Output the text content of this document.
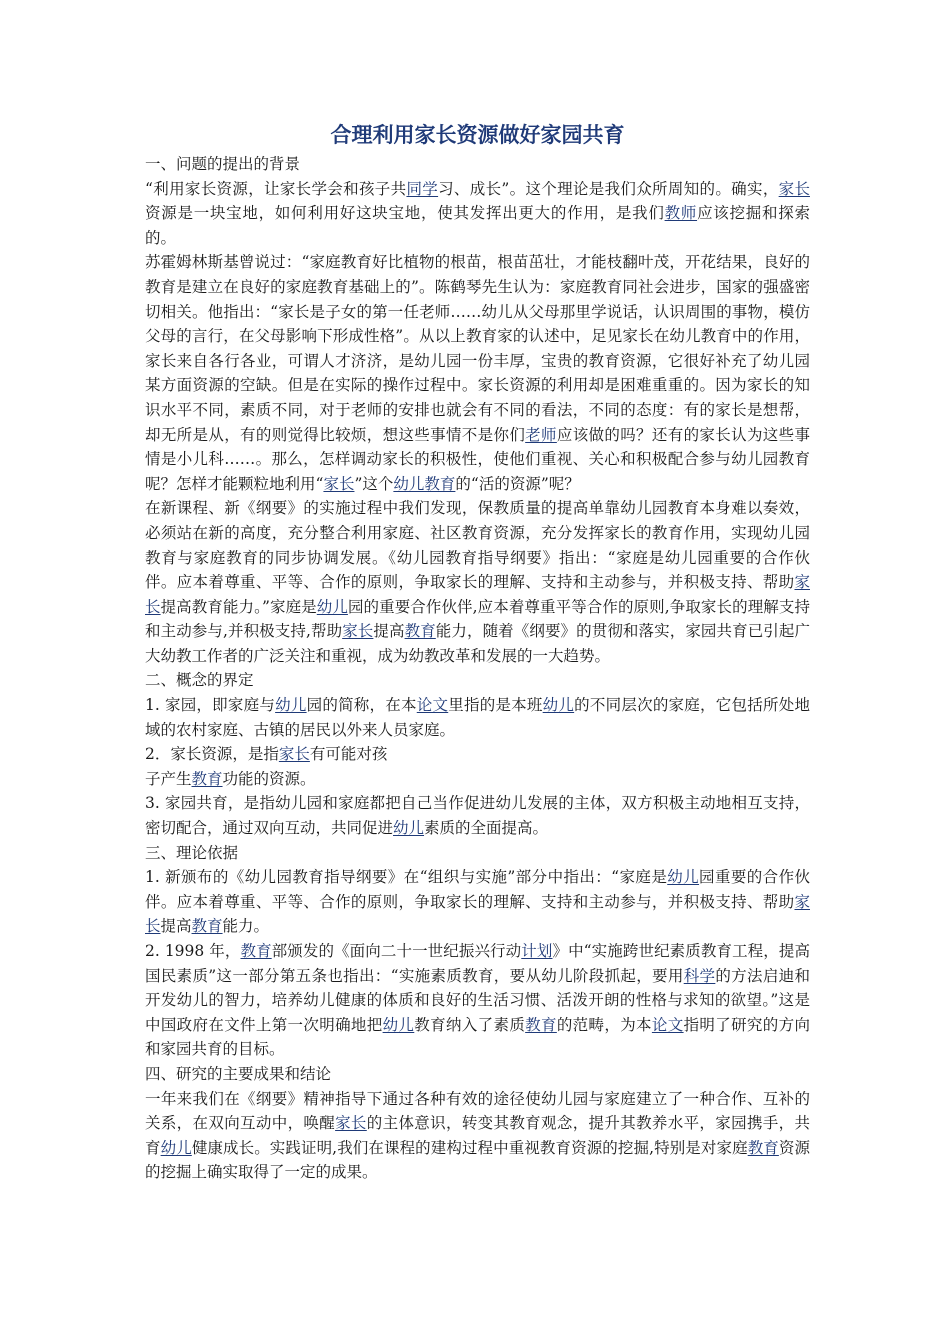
合理利用家长资源做好家园共育

一、问题的提出的背景

“利用家长资源，让家长学会和孩子共同学习、成长”。这个理论是我们众所周知的。确实，家长资源是一块宝地，如何利用好这块宝地，使其发挥出更大的作用，是我们教师应该挖掘和探索的。

苏霍姆林斯基曾说过：“家庭教育好比植物的根苗，根苗茁壮，才能枝翻叶茂，开花结果，良好的教育是建立在良好的家庭教育基础上的”。陈鹤琴先生认为：家庭教育同社会进步，国家的强盛密切相关。他指出：“家长是子女的第一任老师……幼儿从父母那里学说话，认识周围的事物，模仿父母的言行，在父母影响下形成性格”。从以上教育家的认述中，足见家长在幼儿教育中的作用，家长来自各行各业，可谓人才济济，是幼儿园一份丰厚，宝贵的教育资源，它很好补充了幼儿园某方面资源的空缺。但是在实际的操作过程中。家长资源的利用却是困难重重的。因为家长的知识水平不同，素质不同，对于老师的安排也就会有不同的看法，不同的态度：有的家长是想帮，却无所是从，有的则觉得比较烦，想这些事情不是你们老师应该做的吗？还有的家长认为这些事情是小儿科……。那么，怎样调动家长的积极性，使他们重视、关心和积极配合参与幼儿园教育呢？怎样才能颗粒地利用“家长”这个幼儿教育的“活的资源”呢？

在新课程、新《纲要》的实施过程中我们发现，保教质量的提高单靠幼儿园教育本身难以奏效，必须站在新的高度，充分整合利用家庭、社区教育资源，充分发挥家长的教育作用，实现幼儿园教育与家庭教育的同步协调发展。《幼儿园教育指导纲要》指出：“家庭是幼儿园重要的合作伙伴。应本着尊重、平等、合作的原则，争取家长的理解、支持和主动参与，并积极支持、帮助家长提高教育能力。”家庭是幼儿园的重要合作伙伴,应本着尊重平等合作的原则,争取家长的理解支持和主动参与,并积极支持,帮助家长提高教育能力，随着《纲要》的贯彻和落实，家园共育已引起广大幼教工作者的广泛关注和重视，成为幼教改革和发展的一大趋势。

二、概念的界定

1. 家园，即家庭与幼儿园的简称，在本论文里指的是本班幼儿的不同层次的家庭，它包括所处地域的农村家庭、古镇的居民以外来人员家庭。

2．家长资源，是指家长有可能对孩

子产生教育功能的资源。

3. 家园共育，是指幼儿园和家庭都把自己当作促进幼儿发展的主体，双方积极主动地相互支持，密切配合，通过双向互动，共同促进幼儿素质的全面提高。

三、理论依据

1. 新颁布的《幼儿园教育指导纲要》在“组织与实施”部分中指出：“家庭是幼儿园重要的合作伙伴。应本着尊重、平等、合作的原则，争取家长的理解、支持和主动参与，并积极支持、帮助家长提高教育能力。

2. 1998 年，教育部颁发的《面向二十一世纪振兴行动计划》中“实施跨世纪素质教育工程，提高国民素质”这一部分第五条也指出：“实施素质教育，要从幼儿阶段抓起，要用科学的方法启迪和开发幼儿的智力，培养幼儿健康的体质和良好的生活习惯、活泼开朗的性格与求知的欲望。”这是中国政府在文件上第一次明确地把幼儿教育纳入了素质教育的范畴，为本论文指明了研究的方向和家园共育的目标。

四、研究的主要成果和结论

一年来我们在《纲要》精神指导下通过各种有效的途径使幼儿园与家庭建立了一种合作、互补的关系，在双向互动中，唤醒家长的主体意识，转变其教育观念，提升其教养水平，家园携手，共育幼儿健康成长。实践证明,我们在课程的建构过程中重视教育资源的挖掘,特别是对家庭教育资源的挖掘上确实取得了一定的成果。
